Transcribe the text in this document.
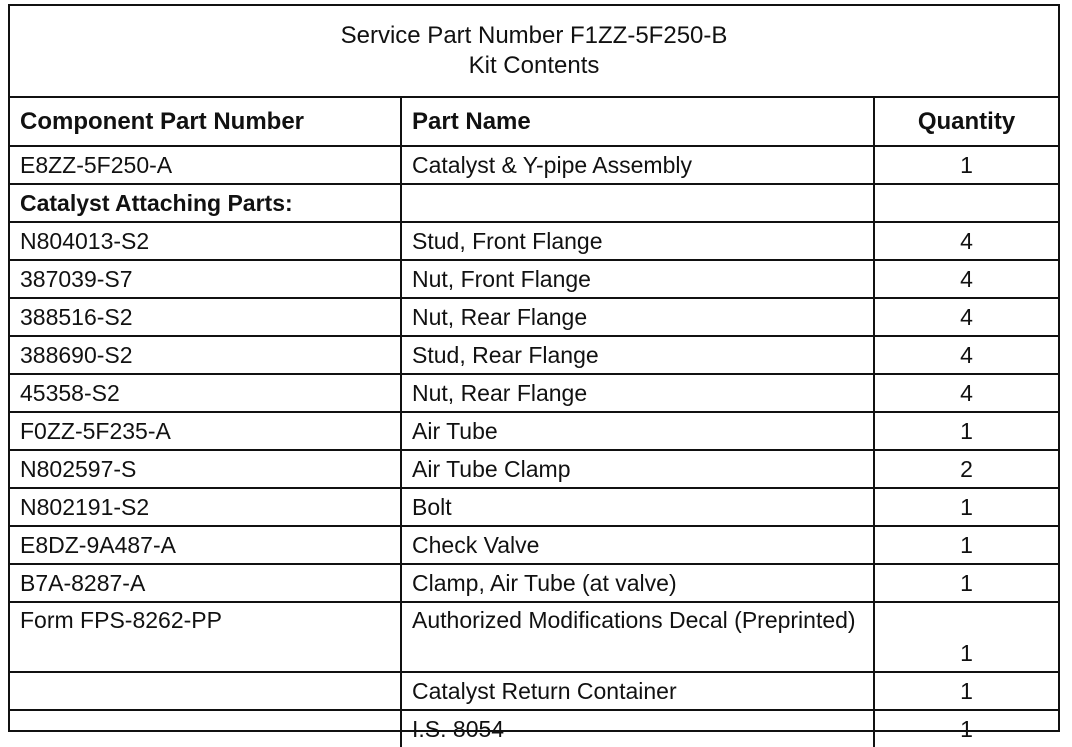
Service Part Number F1ZZ-5F250-B
Kit Contents
Component Part Number	Part Name	Quantity
E8ZZ-5F250-A	Catalyst & Y-pipe Assembly	1
Catalyst Attaching Parts:		
N804013-S2	Stud, Front Flange	4
387039-S7	Nut, Front Flange	4
388516-S2	Nut, Rear Flange	4
388690-S2	Stud, Rear Flange	4
45358-S2	Nut, Rear Flange	4
F0ZZ-5F235-A	Air Tube	1
N802597-S	Air Tube Clamp	2
N802191-S2	Bolt	1
E8DZ-9A487-A	Check Valve	1
B7A-8287-A	Clamp, Air Tube (at valve)	1
Form FPS-8262-PP	Authorized Modifications Decal (Preprinted)	1
	Catalyst Return Container	1
	I.S. 8054	1
